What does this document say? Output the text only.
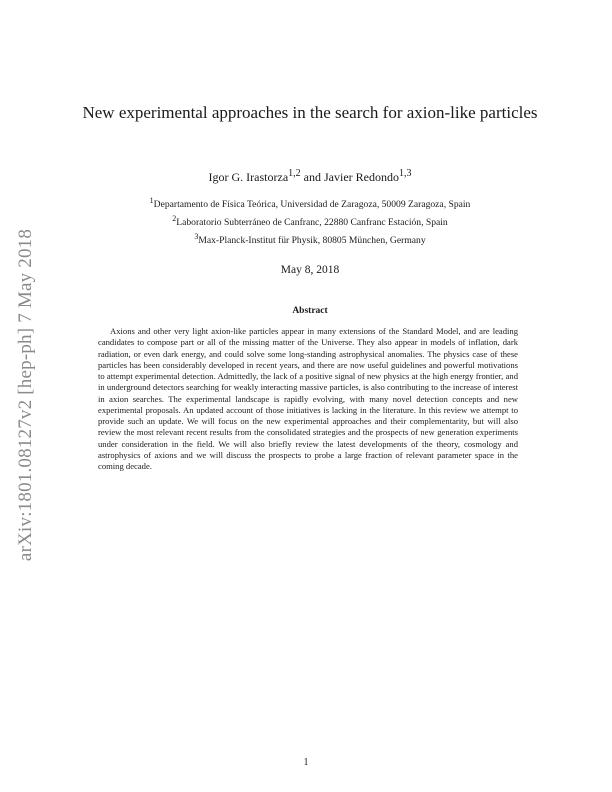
arXiv:1801.08127v2 [hep-ph] 7 May 2018
New experimental approaches in the search for axion-like particles
Igor G. Irastorza$^{1,2}$ and Javier Redondo$^{1,3}$
$^1$Departamento de Física Teórica, Universidad de Zaragoza, 50009 Zaragoza, Spain
$^2$Laboratorio Subterráneo de Canfranc, 22880 Canfranc Estación, Spain
$^3$Max-Planck-Institut für Physik, 80805 München, Germany
May 8, 2018
Abstract
Axions and other very light axion-like particles appear in many extensions of the Standard Model, and are leading candidates to compose part or all of the missing matter of the Universe. They also appear in models of inflation, dark radiation, or even dark energy, and could solve some long-standing astrophysical anomalies. The physics case of these particles has been considerably developed in recent years, and there are now useful guidelines and powerful motivations to attempt experimental detection. Admittedly, the lack of a positive signal of new physics at the high energy frontier, and in underground detectors searching for weakly interacting massive particles, is also contributing to the increase of interest in axion searches. The experimental landscape is rapidly evolving, with many novel detection concepts and new experimental proposals. An updated account of those initiatives is lacking in the literature. In this review we attempt to provide such an update. We will focus on the new experimental approaches and their complementarity, but will also review the most relevant recent results from the consolidated strategies and the prospects of new generation experiments under consideration in the field. We will also briefly review the latest developments of the theory, cosmology and astrophysics of axions and we will discuss the prospects to probe a large fraction of relevant parameter space in the coming decade.
1
